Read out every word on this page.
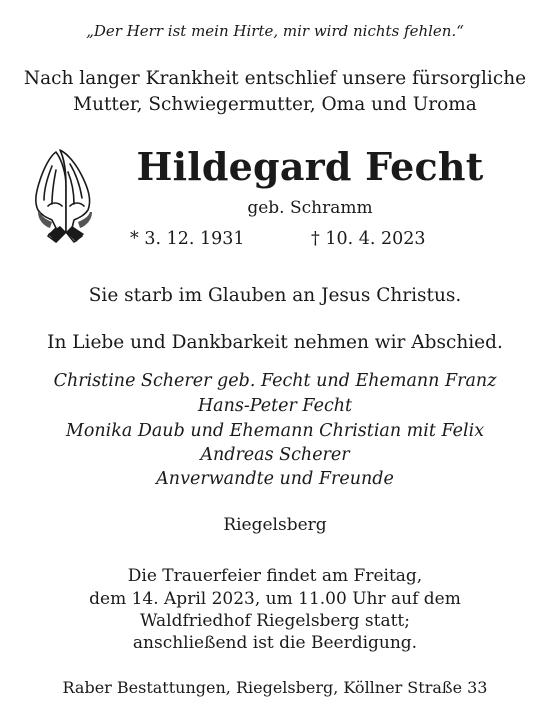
„Der Herr ist mein Hirte, mir wird nichts fehlen.“
Nach langer Krankheit entschlief unsere fürsorgliche
Mutter, Schwiegermutter, Oma und Uroma
Hildegard Fecht
geb. Schramm
* 3. 12. 1931	† 10. 4. 2023
Sie starb im Glauben an Jesus Christus.
In Liebe und Dankbarkeit nehmen wir Abschied.
Christine Scherer geb. Fecht und Ehemann Franz
Hans-Peter Fecht
Monika Daub und Ehemann Christian mit Felix
Andreas Scherer
Anverwandte und Freunde
Riegelsberg
Die Trauerfeier findet am Freitag,
dem 14. April 2023, um 11.00 Uhr auf dem
Waldfriedhof Riegelsberg statt;
anschließend ist die Beerdigung.
Raber Bestattungen, Riegelsberg, Köllner Straße 33
